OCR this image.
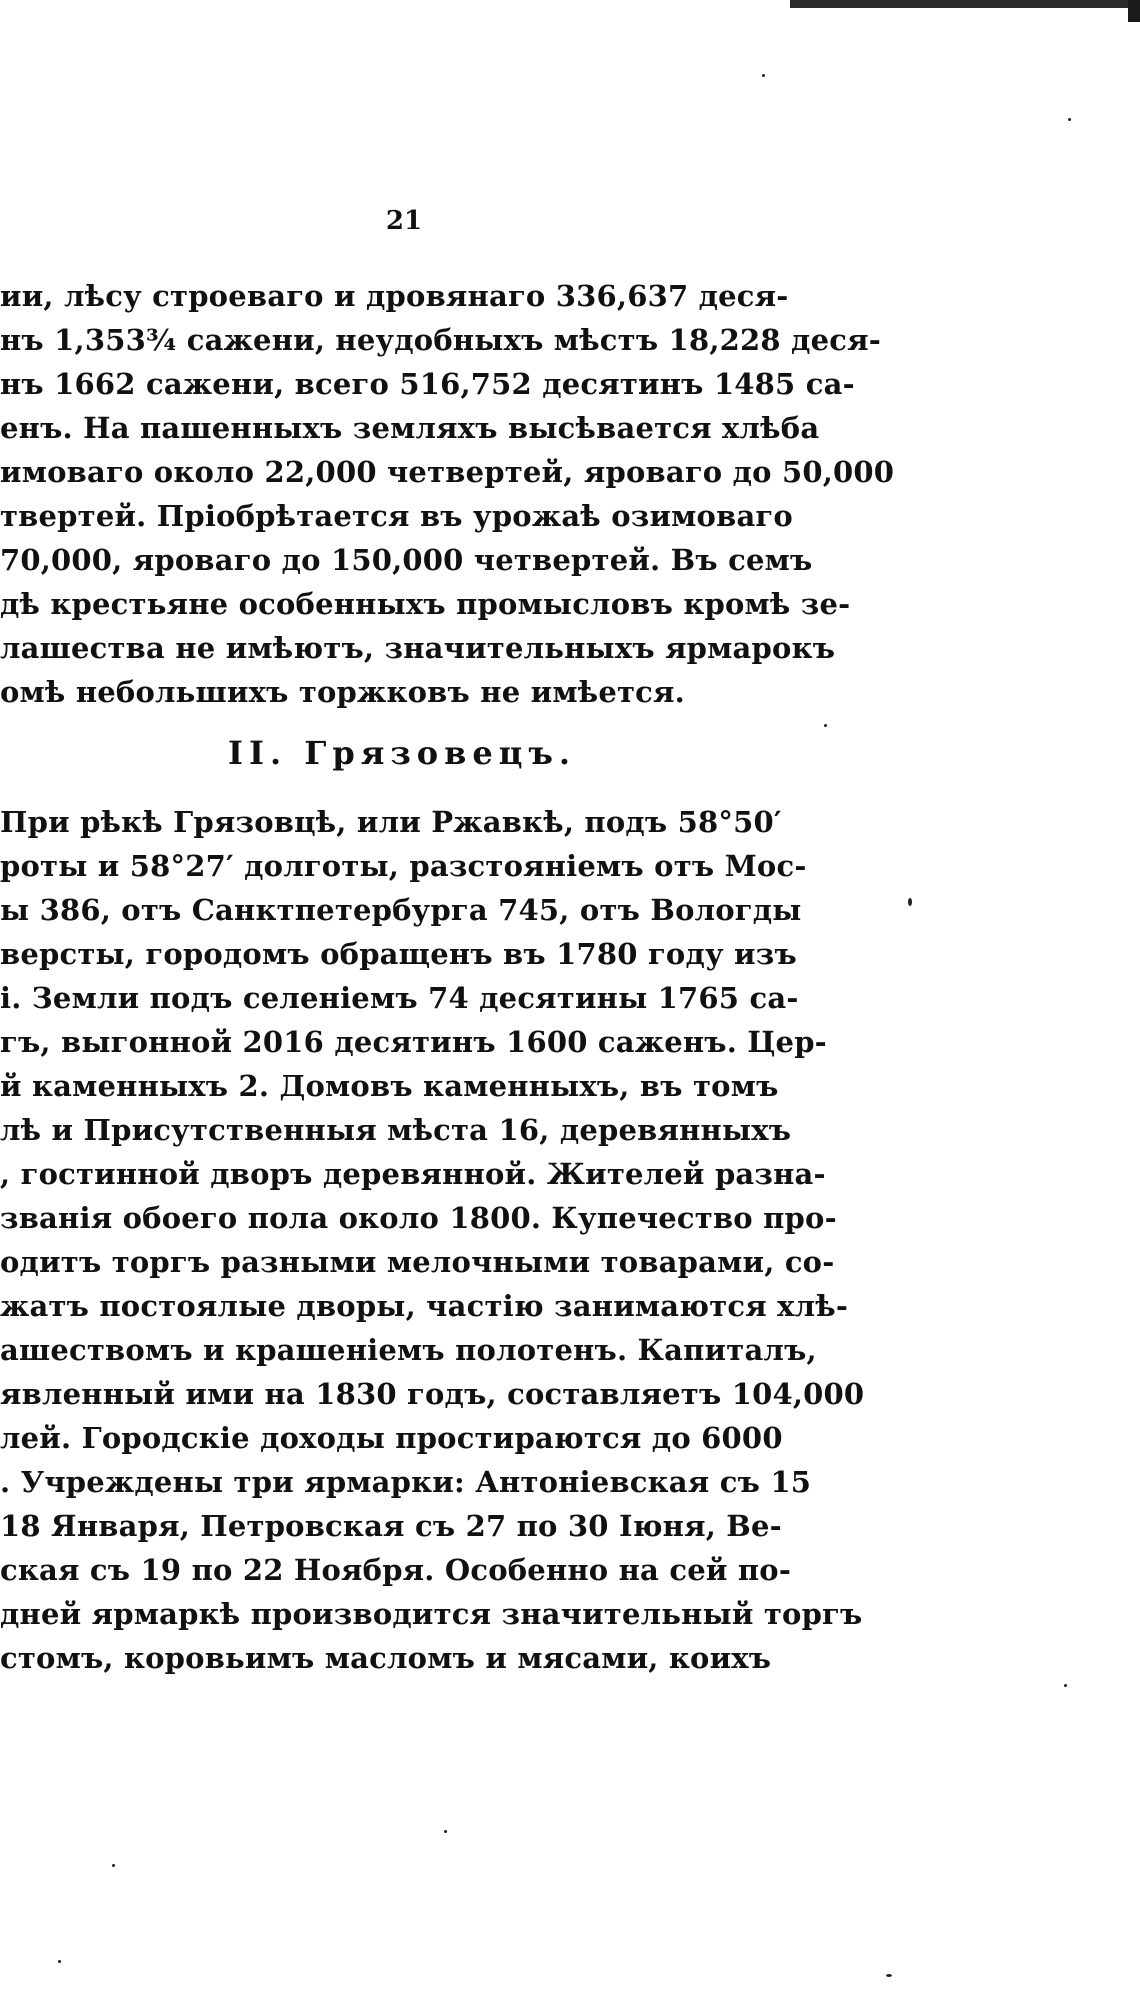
21
ии, лѣсу строеваго и дровянаго 336,637 деся-
нъ 1,353¾ сажени, неудобныхъ мѣстъ 18,228 деся-
нъ 1662 сажени, всего 516,752 десятинъ 1485 са-
енъ. На пашенныхъ земляхъ высѣвается хлѣба
имоваго около 22,000 четвертей, яроваго до 50,000
твертей. Пріобрѣтается въ урожаѣ озимоваго
70,000, яроваго до 150,000 четвертей. Въ семъ
дѣ крестьяне особенныхъ промысловъ кромѣ зе-
лашества не имѣютъ, значительныхъ ярмарокъ
омѣ небольшихъ торжковъ не имѣется.
II. Грязовецъ.
При рѣкѣ Грязовцѣ, или Ржавкѣ, подъ 58°50′
роты и 58°27′ долготы, разстояніемъ отъ Мос-
ы 386, отъ Санктпетербурга 745, отъ Вологды
версты, городомъ обращенъ въ 1780 году изъ
і. Земли подъ селеніемъ 74 десятины 1765 са-
гъ, выгонной 2016 десятинъ 1600 саженъ. Цер-
й каменныхъ 2. Домовъ каменныхъ, въ томъ
лѣ и Присутственныя мѣста 16, деревянныхъ
, гостинной дворъ деревянной. Жителей разна-
званія обоего пола около 1800. Купечество про-
одитъ торгъ разными мелочными товарами, со-
жатъ постоялые дворы, частію занимаются хлѣ-
ашествомъ и крашеніемъ полотенъ. Капиталъ,
явленный ими на 1830 годъ, составляетъ 104,000
лей. Городскіе доходы простираются до 6000
. Учреждены три ярмарки: Антоніевская съ 15
18 Января, Петровская съ 27 по 30 Іюня, Ве-
ская съ 19 по 22 Ноября. Особенно на сей по-
дней ярмаркѣ производится значительный торгъ
стомъ, коровьимъ масломъ и мясами, коихъ
